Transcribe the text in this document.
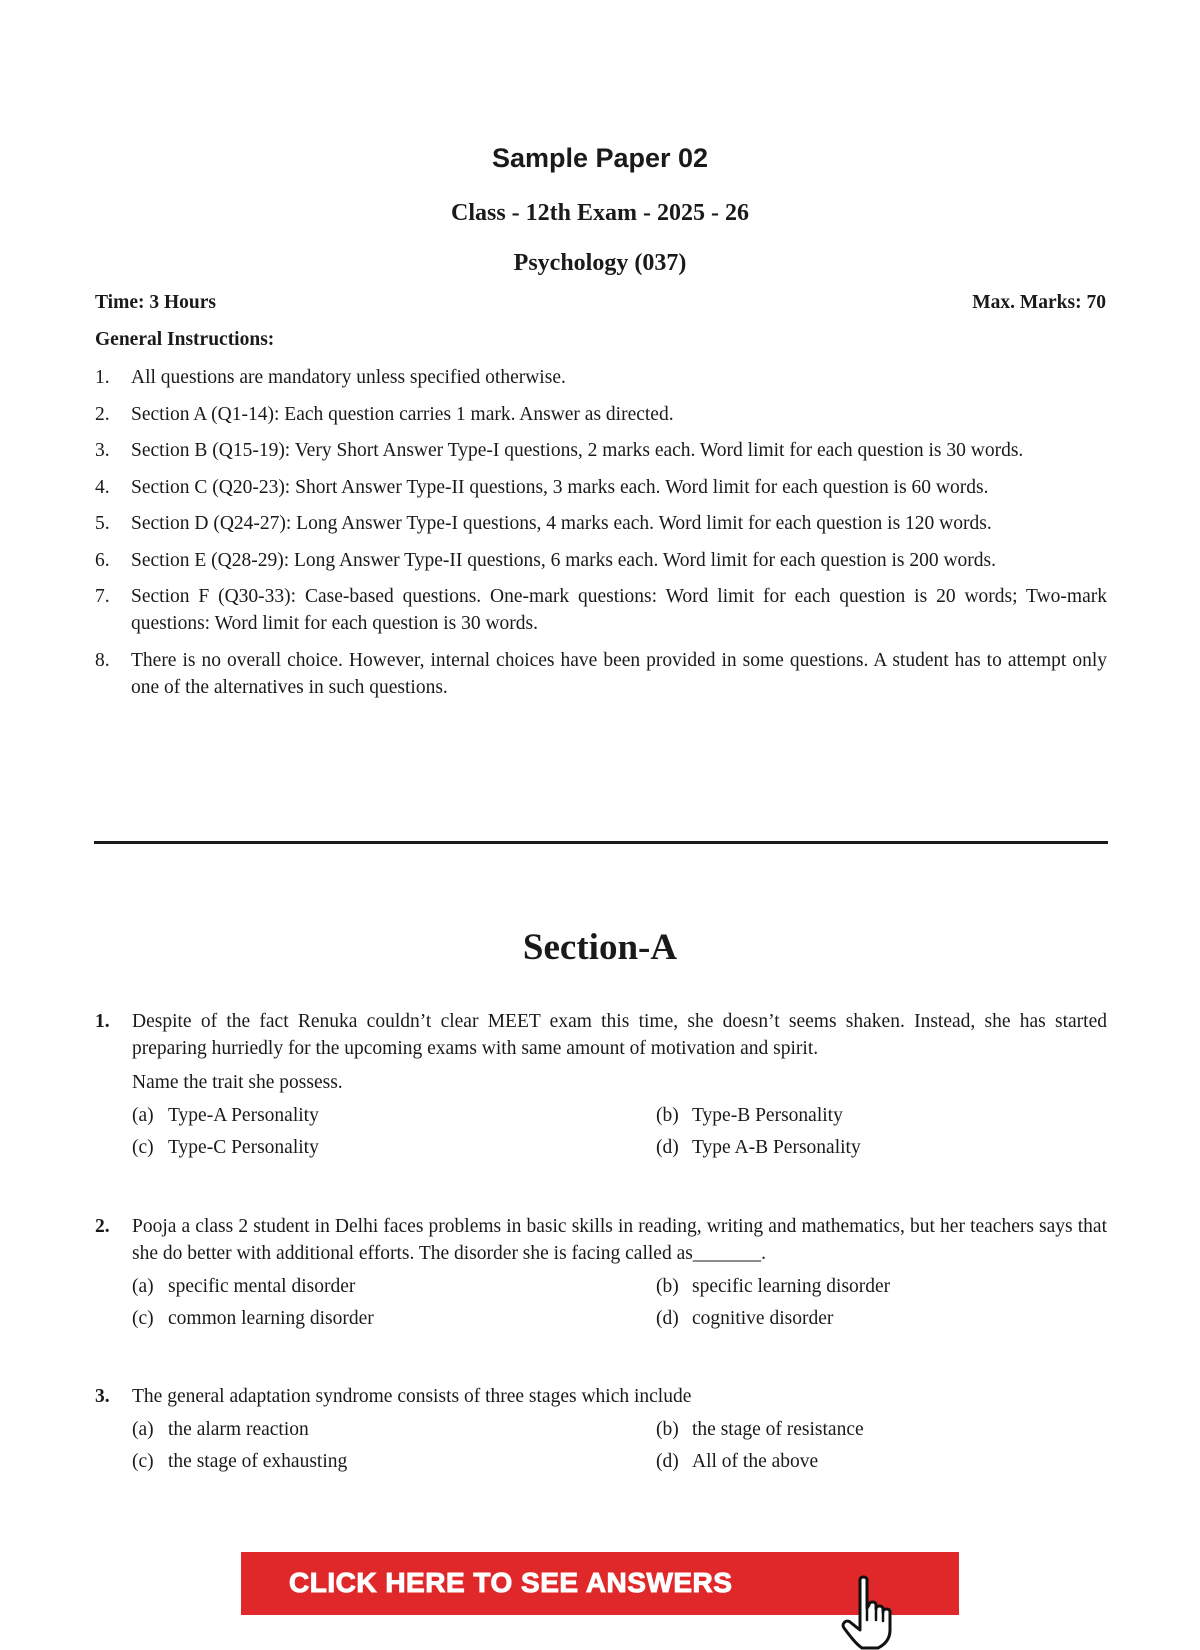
Sample Paper 02
Class - 12th Exam - 2025 - 26
Psychology (037)
Time: 3 Hours	Max. Marks: 70
General Instructions:
1. All questions are mandatory unless specified otherwise.
2. Section A (Q1-14): Each question carries 1 mark. Answer as directed.
3. Section B (Q15-19): Very Short Answer Type-I questions, 2 marks each. Word limit for each question is 30 words.
4. Section C (Q20-23): Short Answer Type-II questions, 3 marks each. Word limit for each question is 60 words.
5. Section D (Q24-27): Long Answer Type-I questions, 4 marks each. Word limit for each question is 120 words.
6. Section E (Q28-29): Long Answer Type-II questions, 6 marks each. Word limit for each question is 200 words.
7. Section F (Q30-33): Case-based questions. One-mark questions: Word limit for each question is 20 words; Two-mark questions: Word limit for each question is 30 words.
8. There is no overall choice. However, internal choices have been provided in some questions. A student has to attempt only one of the alternatives in such questions.
Section-A
1.	Despite of the fact Renuka couldn’t clear MEET exam this time, she doesn’t seems shaken. Instead, she has started preparing hurriedly for the upcoming exams with same amount of motivation and spirit.
Name the trait she possess.
(a) Type-A Personality	(b) Type-B Personality
(c) Type-C Personality	(d) Type A-B Personality
2.	Pooja a class 2 student in Delhi faces problems in basic skills in reading, writing and mathematics, but her teachers says that she do better with additional efforts. The disorder she is facing called as_______.
(a) specific mental disorder	(b) specific learning disorder
(c) common learning disorder	(d) cognitive disorder
3.	The general adaptation syndrome consists of three stages which include
(a) the alarm reaction	(b) the stage of resistance
(c) the stage of exhausting	(d) All of the above
CLICK HERE TO SEE ANSWERS
